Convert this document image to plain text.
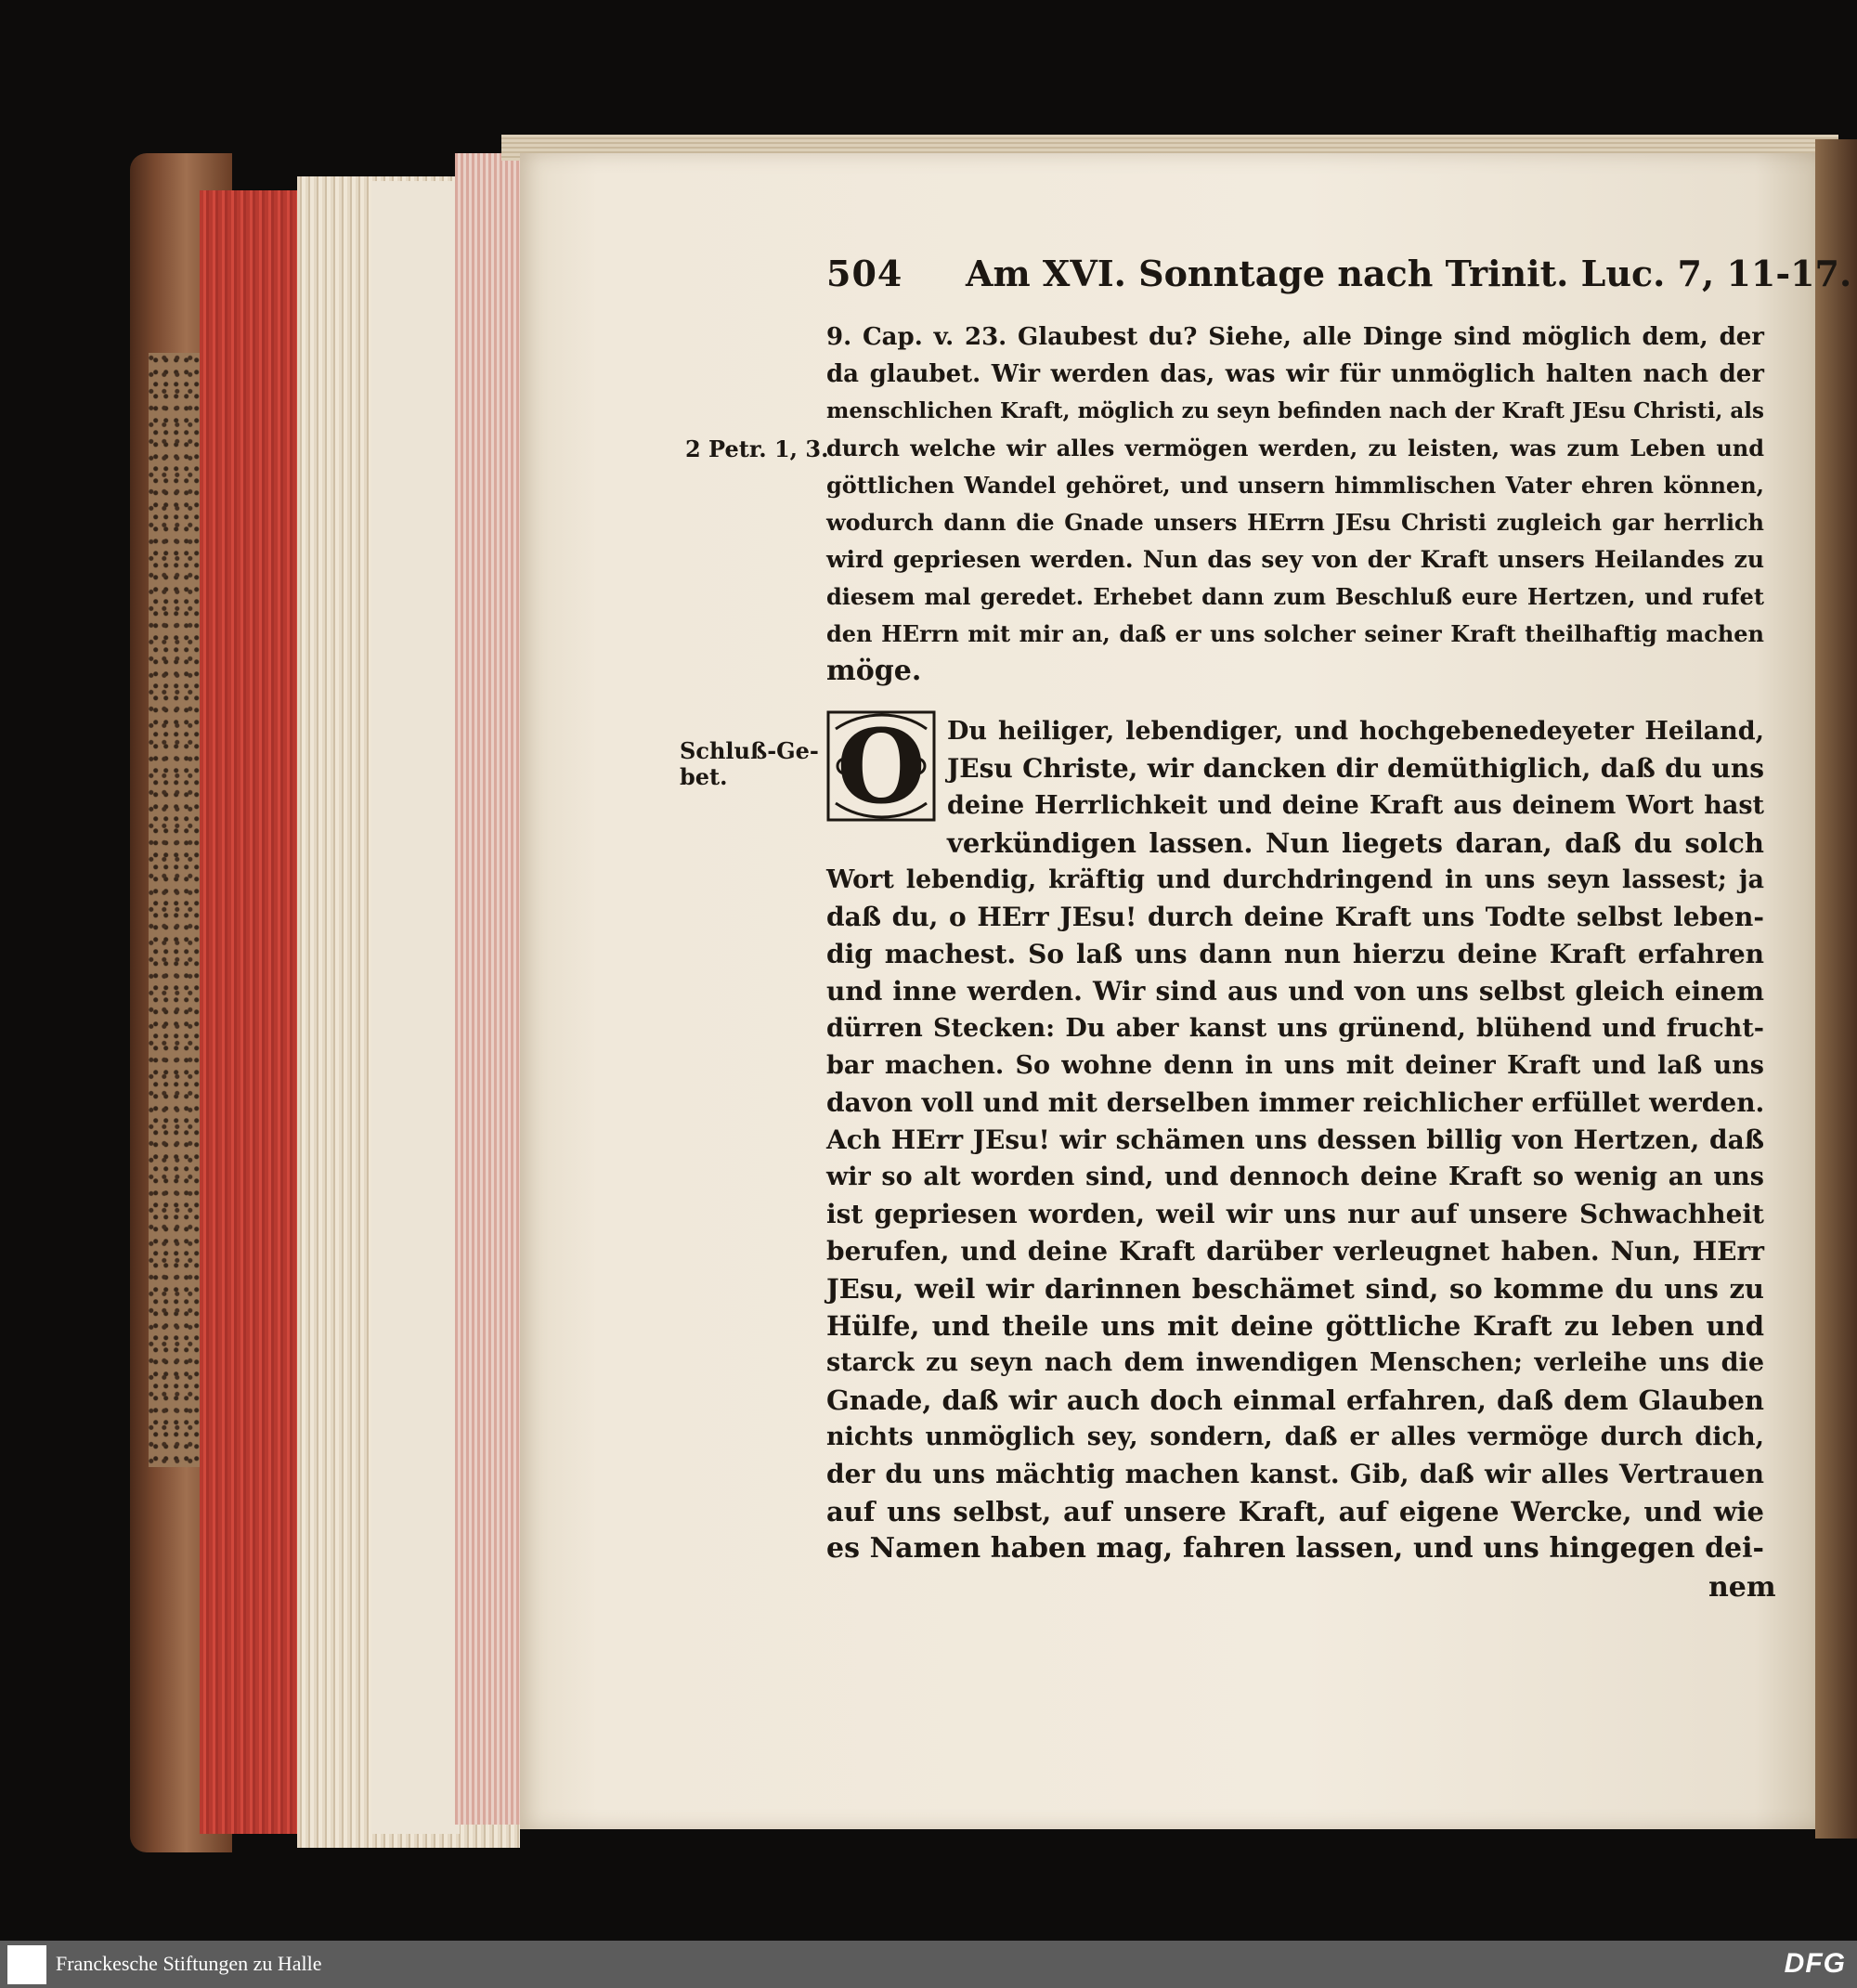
504	Am XVI. Sonntage nach Trinit. Luc. 7, 11-17.
9. Cap. v. 23. Glaubest du? Siehe, alle Dinge sind möglich dem, der
da glaubet. Wir werden das, was wir für unmöglich halten nach der
menschlichen Kraft, möglich zu seyn befinden nach der Kraft JEsu Christi, als
durch welche wir alles vermögen werden, zu leisten, was zum Leben und
göttlichen Wandel gehöret, und unsern himmlischen Vater ehren können,
wodurch dann die Gnade unsers HErrn JEsu Christi zugleich gar herrlich
wird gepriesen werden. Nun das sey von der Kraft unsers Heilandes zu
diesem mal geredet. Erhebet dann zum Beschluß eure Hertzen, und rufet
den HErrn mit mir an, daß er uns solcher seiner Kraft theilhaftig machen
möge.
2 Petr. 1, 3.
Schluß-Ge-
bet.	O Du heiliger, lebendiger, und hochgebenedeyeter Heiland,
JEsu Christe, wir dancken dir demüthiglich, daß du uns
deine Herrlichkeit und deine Kraft aus deinem Wort hast
verkündigen lassen. Nun liegets daran, daß du solch
Wort lebendig, kräftig und durchdringend in uns seyn lassest; ja
daß du, o HErr JEsu! durch deine Kraft uns Todte selbst leben-
dig machest. So laß uns dann nun hierzu deine Kraft erfahren
und inne werden. Wir sind aus und von uns selbst gleich einem
dürren Stecken: Du aber kanst uns grünend, blühend und frucht-
bar machen. So wohne denn in uns mit deiner Kraft und laß uns
davon voll und mit derselben immer reichlicher erfüllet werden.
Ach HErr JEsu! wir schämen uns dessen billig von Hertzen, daß
wir so alt worden sind, und dennoch deine Kraft so wenig an uns
ist gepriesen worden, weil wir uns nur auf unsere Schwachheit
berufen, und deine Kraft darüber verleugnet haben. Nun, HErr
JEsu, weil wir darinnen beschämet sind, so komme du uns zu
Hülfe, und theile uns mit deine göttliche Kraft zu leben und
starck zu seyn nach dem inwendigen Menschen; verleihe uns die
Gnade, daß wir auch doch einmal erfahren, daß dem Glauben
nichts unmöglich sey, sondern, daß er alles vermöge durch dich,
der du uns mächtig machen kanst. Gib, daß wir alles Vertrauen
auf uns selbst, auf unsere Kraft, auf eigene Wercke, und wie
es Namen haben mag, fahren lassen, und uns hingegen dei-
nem
Franckesche Stiftungen zu Halle	DFG
